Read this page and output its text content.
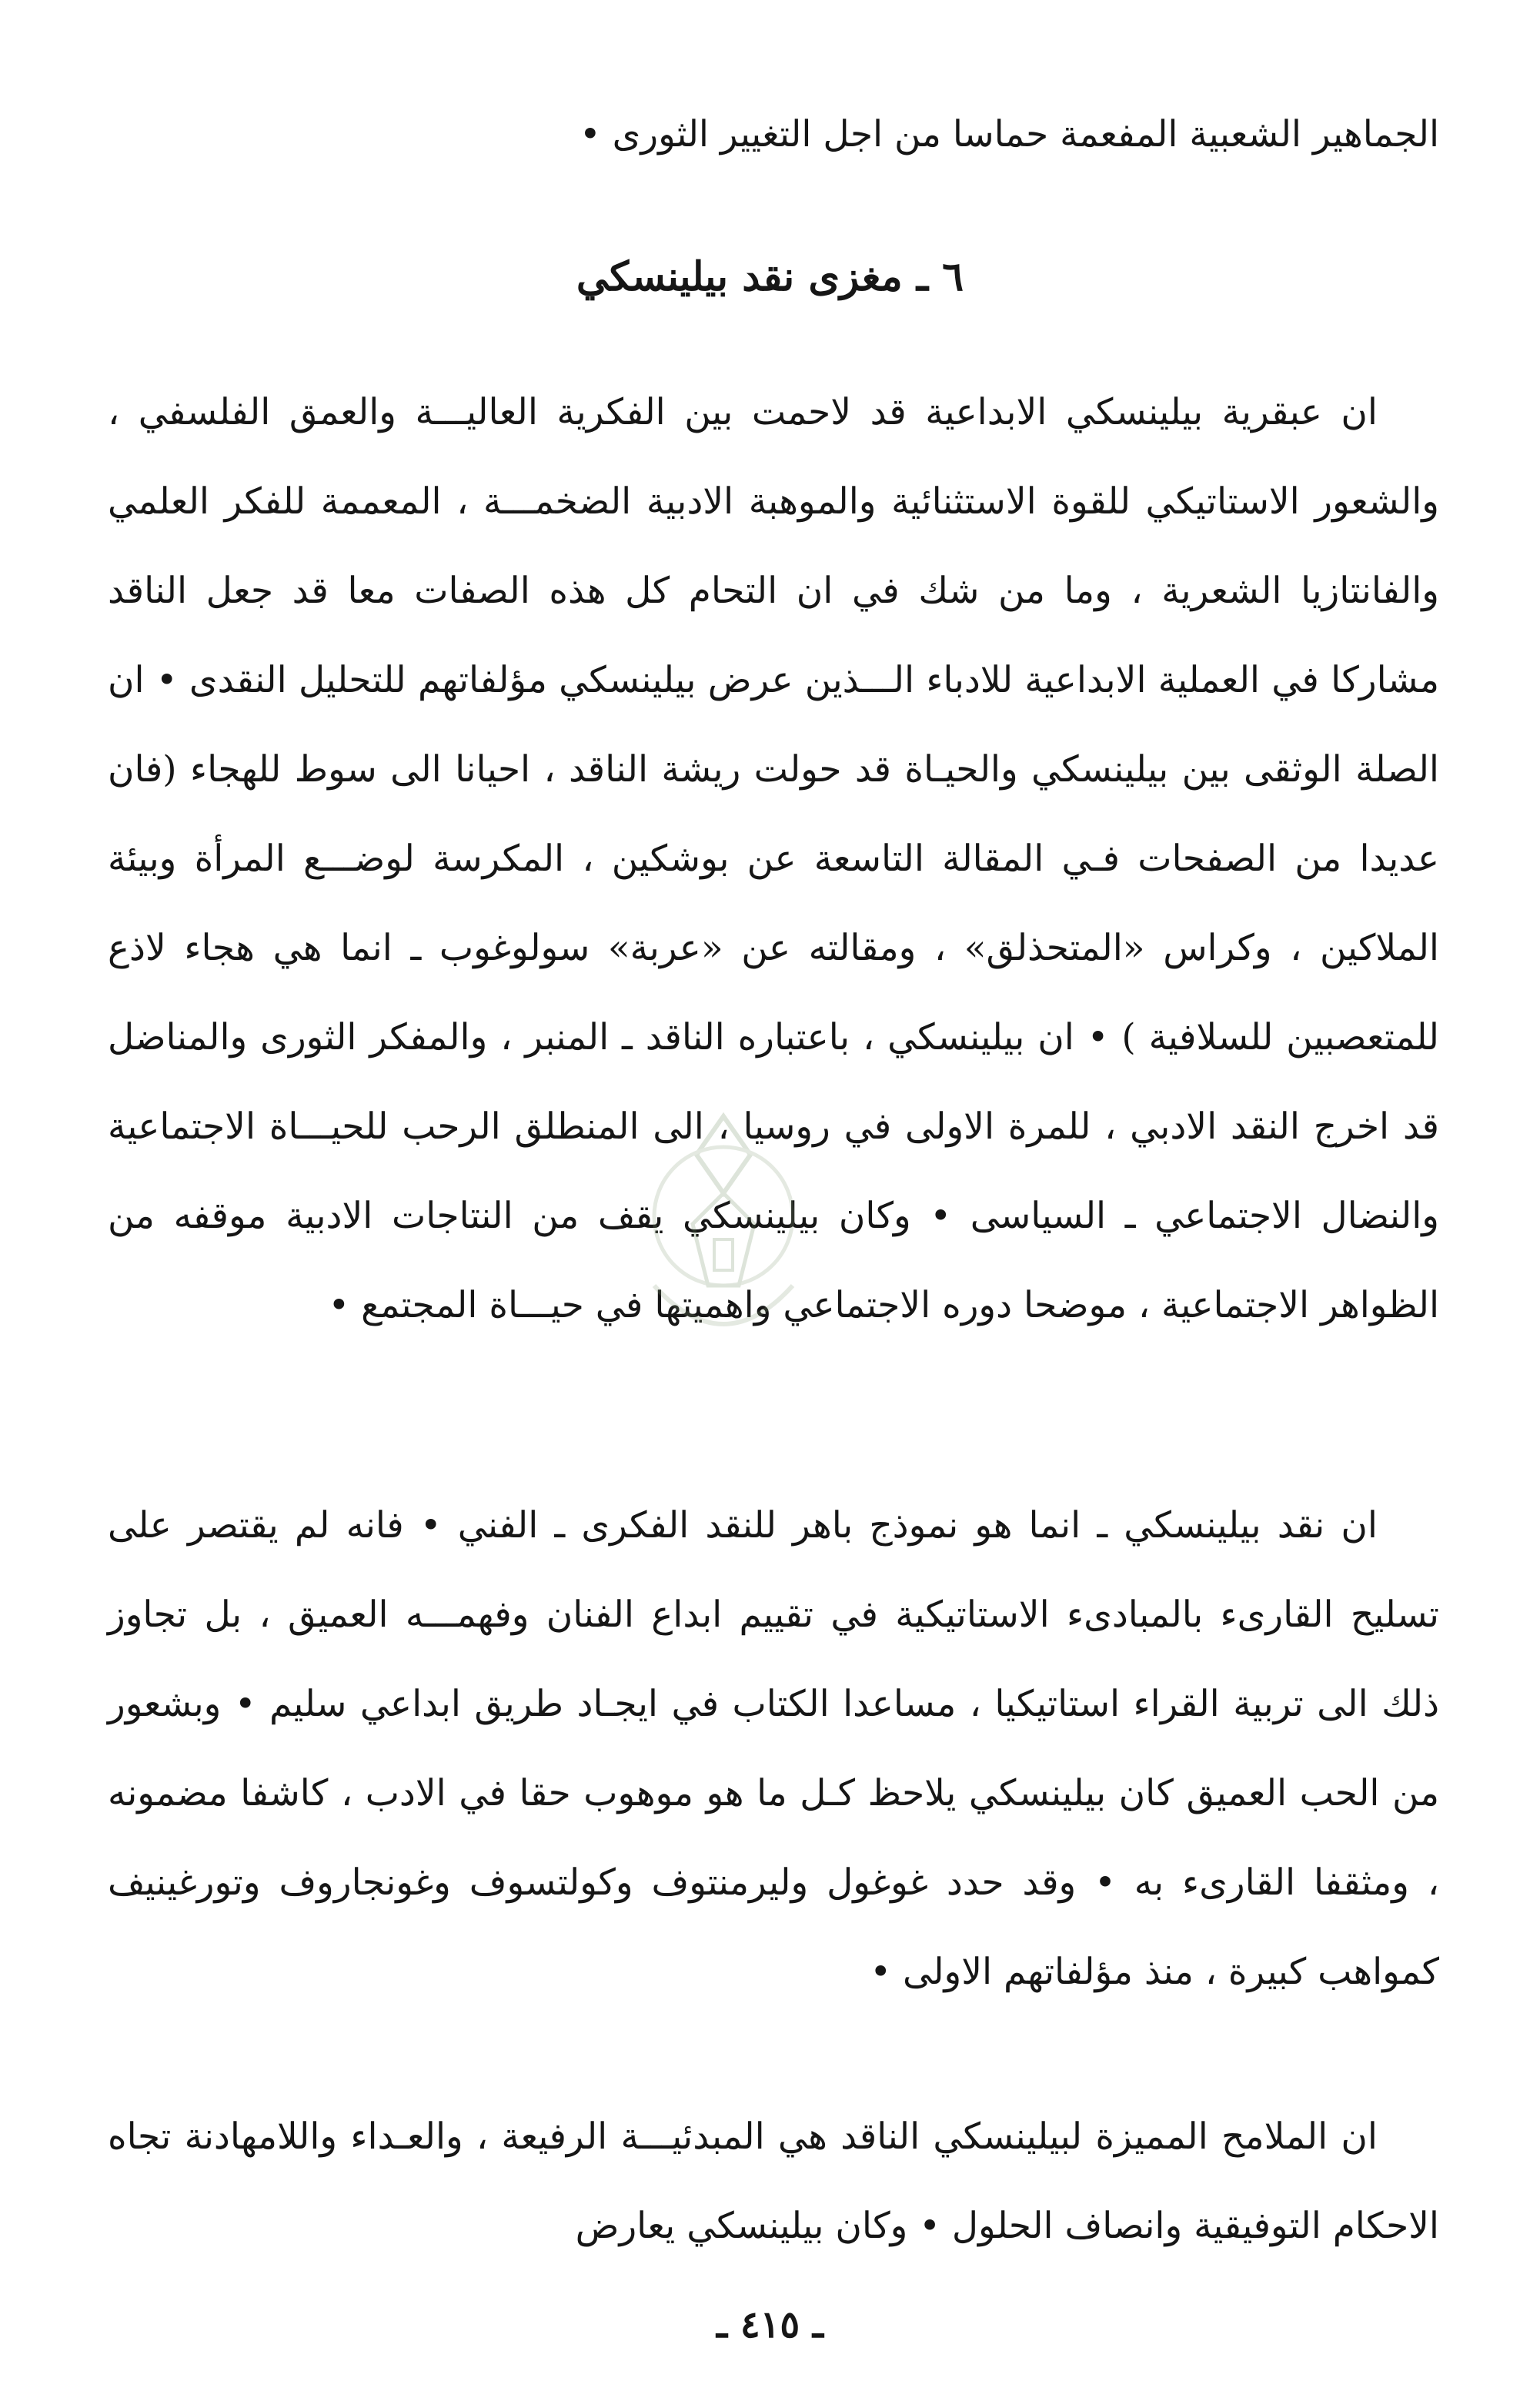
الجماهير الشعبية المفعمة حماسا من اجل التغيير الثورى •
٦ ـ مغزى نقد بيلينسكي

ان عبقرية بيلينسكي الابداعية قد لاحمت بين الفكرية العاليـــة والعمق الفلسفي ، والشعور الاستاتيكي للقوة الاستثنائية والموهبة الادبية الضخمـــة ، المعممة للفكر العلمي والفانتازيا الشعرية ، وما من شك في ان التحام كل هذه الصفات معا قد جعل الناقد مشاركا في العملية الابداعية للادباء الـــذين عرض بيلينسكي مؤلفاتهم للتحليل النقدى • ان الصلة الوثقى بين بيلينسكي والحيـاة قد حولت ريشة الناقد ، احيانا الى سوط للهجاء (فان عديدا من الصفحات فـي المقالة التاسعة عن بوشكين ، المكرسة لوضـــع المرأة وبيئة الملاكين ، وكراس «المتحذلق» ، ومقالته عن «عربة» سولوغوب ـ انما هي هجاء لاذع للمتعصبين للسلافية ) • ان بيلينسكي ، باعتباره الناقد ـ المنبر ، والمفكر الثورى والمناضل قد اخرج النقد الادبي ، للمرة الاولى في روسيا ، الى المنطلق الرحب للحيـــاة الاجتماعية والنضال الاجتماعي ـ السياسى • وكان بيلينسكي يقف من النتاجات الادبية موقفه من الظواهر الاجتماعية ، موضحا دوره الاجتماعي واهميتها في حيـــاة المجتمع •

ان نقد بيلينسكي ـ انما هو نموذج باهر للنقد الفكرى ـ الفني • فانه لم يقتصر على تسليح القارىء بالمبادىء الاستاتيكية في تقييم ابداع الفنان وفهمـــه العميق ، بل تجاوز ذلك الى تربية القراء استاتيكيا ، مساعدا الكتاب في ايجـاد طريق ابداعي سليم • وبشعور من الحب العميق كان بيلينسكي يلاحظ كـل ما هو موهوب حقا في الادب ، كاشفا مضمونه ، ومثقفا القارىء به • وقد حدد غوغول وليرمنتوف وكولتسوف وغونجاروف وتورغينيف كمواهب كبيرة ، منذ مؤلفاتهم الاولى •

ان الملامح المميزة لبيلينسكي الناقد هي المبدئيـــة الرفيعة ، والعـداء واللامهادنة تجاه الاحكام التوفيقية وانصاف الحلول • وكان بيلينسكي يعارض

ـ ٤١٥ ـ
